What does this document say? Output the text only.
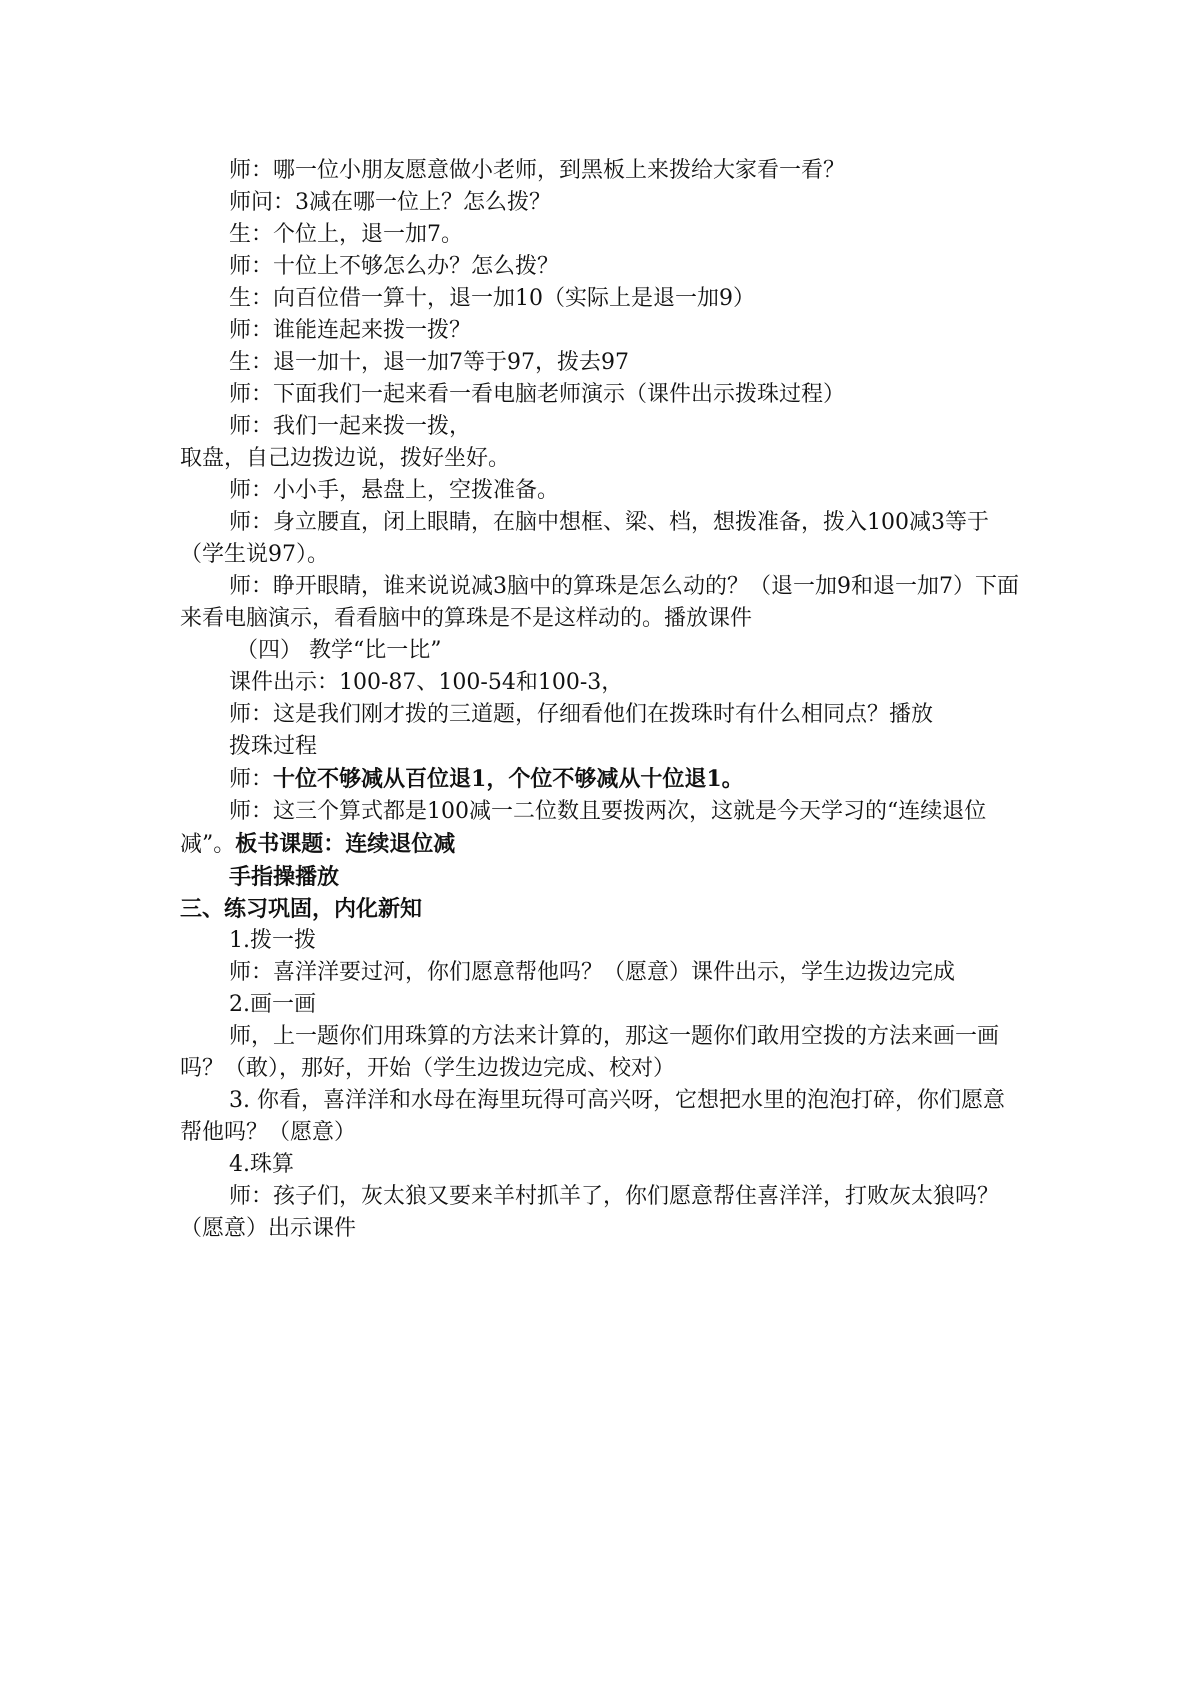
师：哪一位小朋友愿意做小老师，到黑板上来拨给大家看一看？

师问：3减在哪一位上？怎么拨？

生：个位上，退一加7。

师：十位上不够怎么办？怎么拨？

生：向百位借一算十，退一加10（实际上是退一加9）

师：谁能连起来拨一拨？

生：退一加十，退一加7等于97，拨去97

师：下面我们一起来看一看电脑老师演示（课件出示拨珠过程）

师：我们一起来拨一拨，

取盘，自己边拨边说，拨好坐好。

师：小小手，悬盘上，空拨准备。

师：身立腰直，闭上眼睛，在脑中想框、梁、档，想拨准备，拨入100减3等于（学生说97）。

师：睁开眼睛，谁来说说减3脑中的算珠是怎么动的？（退一加9和退一加7）下面来看电脑演示，看看脑中的算珠是不是这样动的。播放课件

（四） 教学“比一比”

课件出示：100-87、100-54和100-3，

师：这是我们刚才拨的三道题，仔细看他们在拨珠时有什么相同点？播放

拨珠过程

师：十位不够减从百位退1，个位不够减从十位退1。

师：这三个算式都是100减一二位数且要拨两次，这就是今天学习的“连续退位减”。板书课题：连续退位减

手指操播放

三、练习巩固，内化新知

1.拨一拨

师：喜洋洋要过河，你们愿意帮他吗？（愿意）课件出示，学生边拨边完成

2.画一画

师，上一题你们用珠算的方法来计算的，那这一题你们敢用空拨的方法来画一画吗？（敢），那好，开始（学生边拨边完成、校对）

3. 你看，喜洋洋和水母在海里玩得可高兴呀，它想把水里的泡泡打碎，你们愿意帮他吗？（愿意）

4.珠算

师：孩子们，灰太狼又要来羊村抓羊了，你们愿意帮住喜洋洋，打败灰太狼吗？（愿意）出示课件
